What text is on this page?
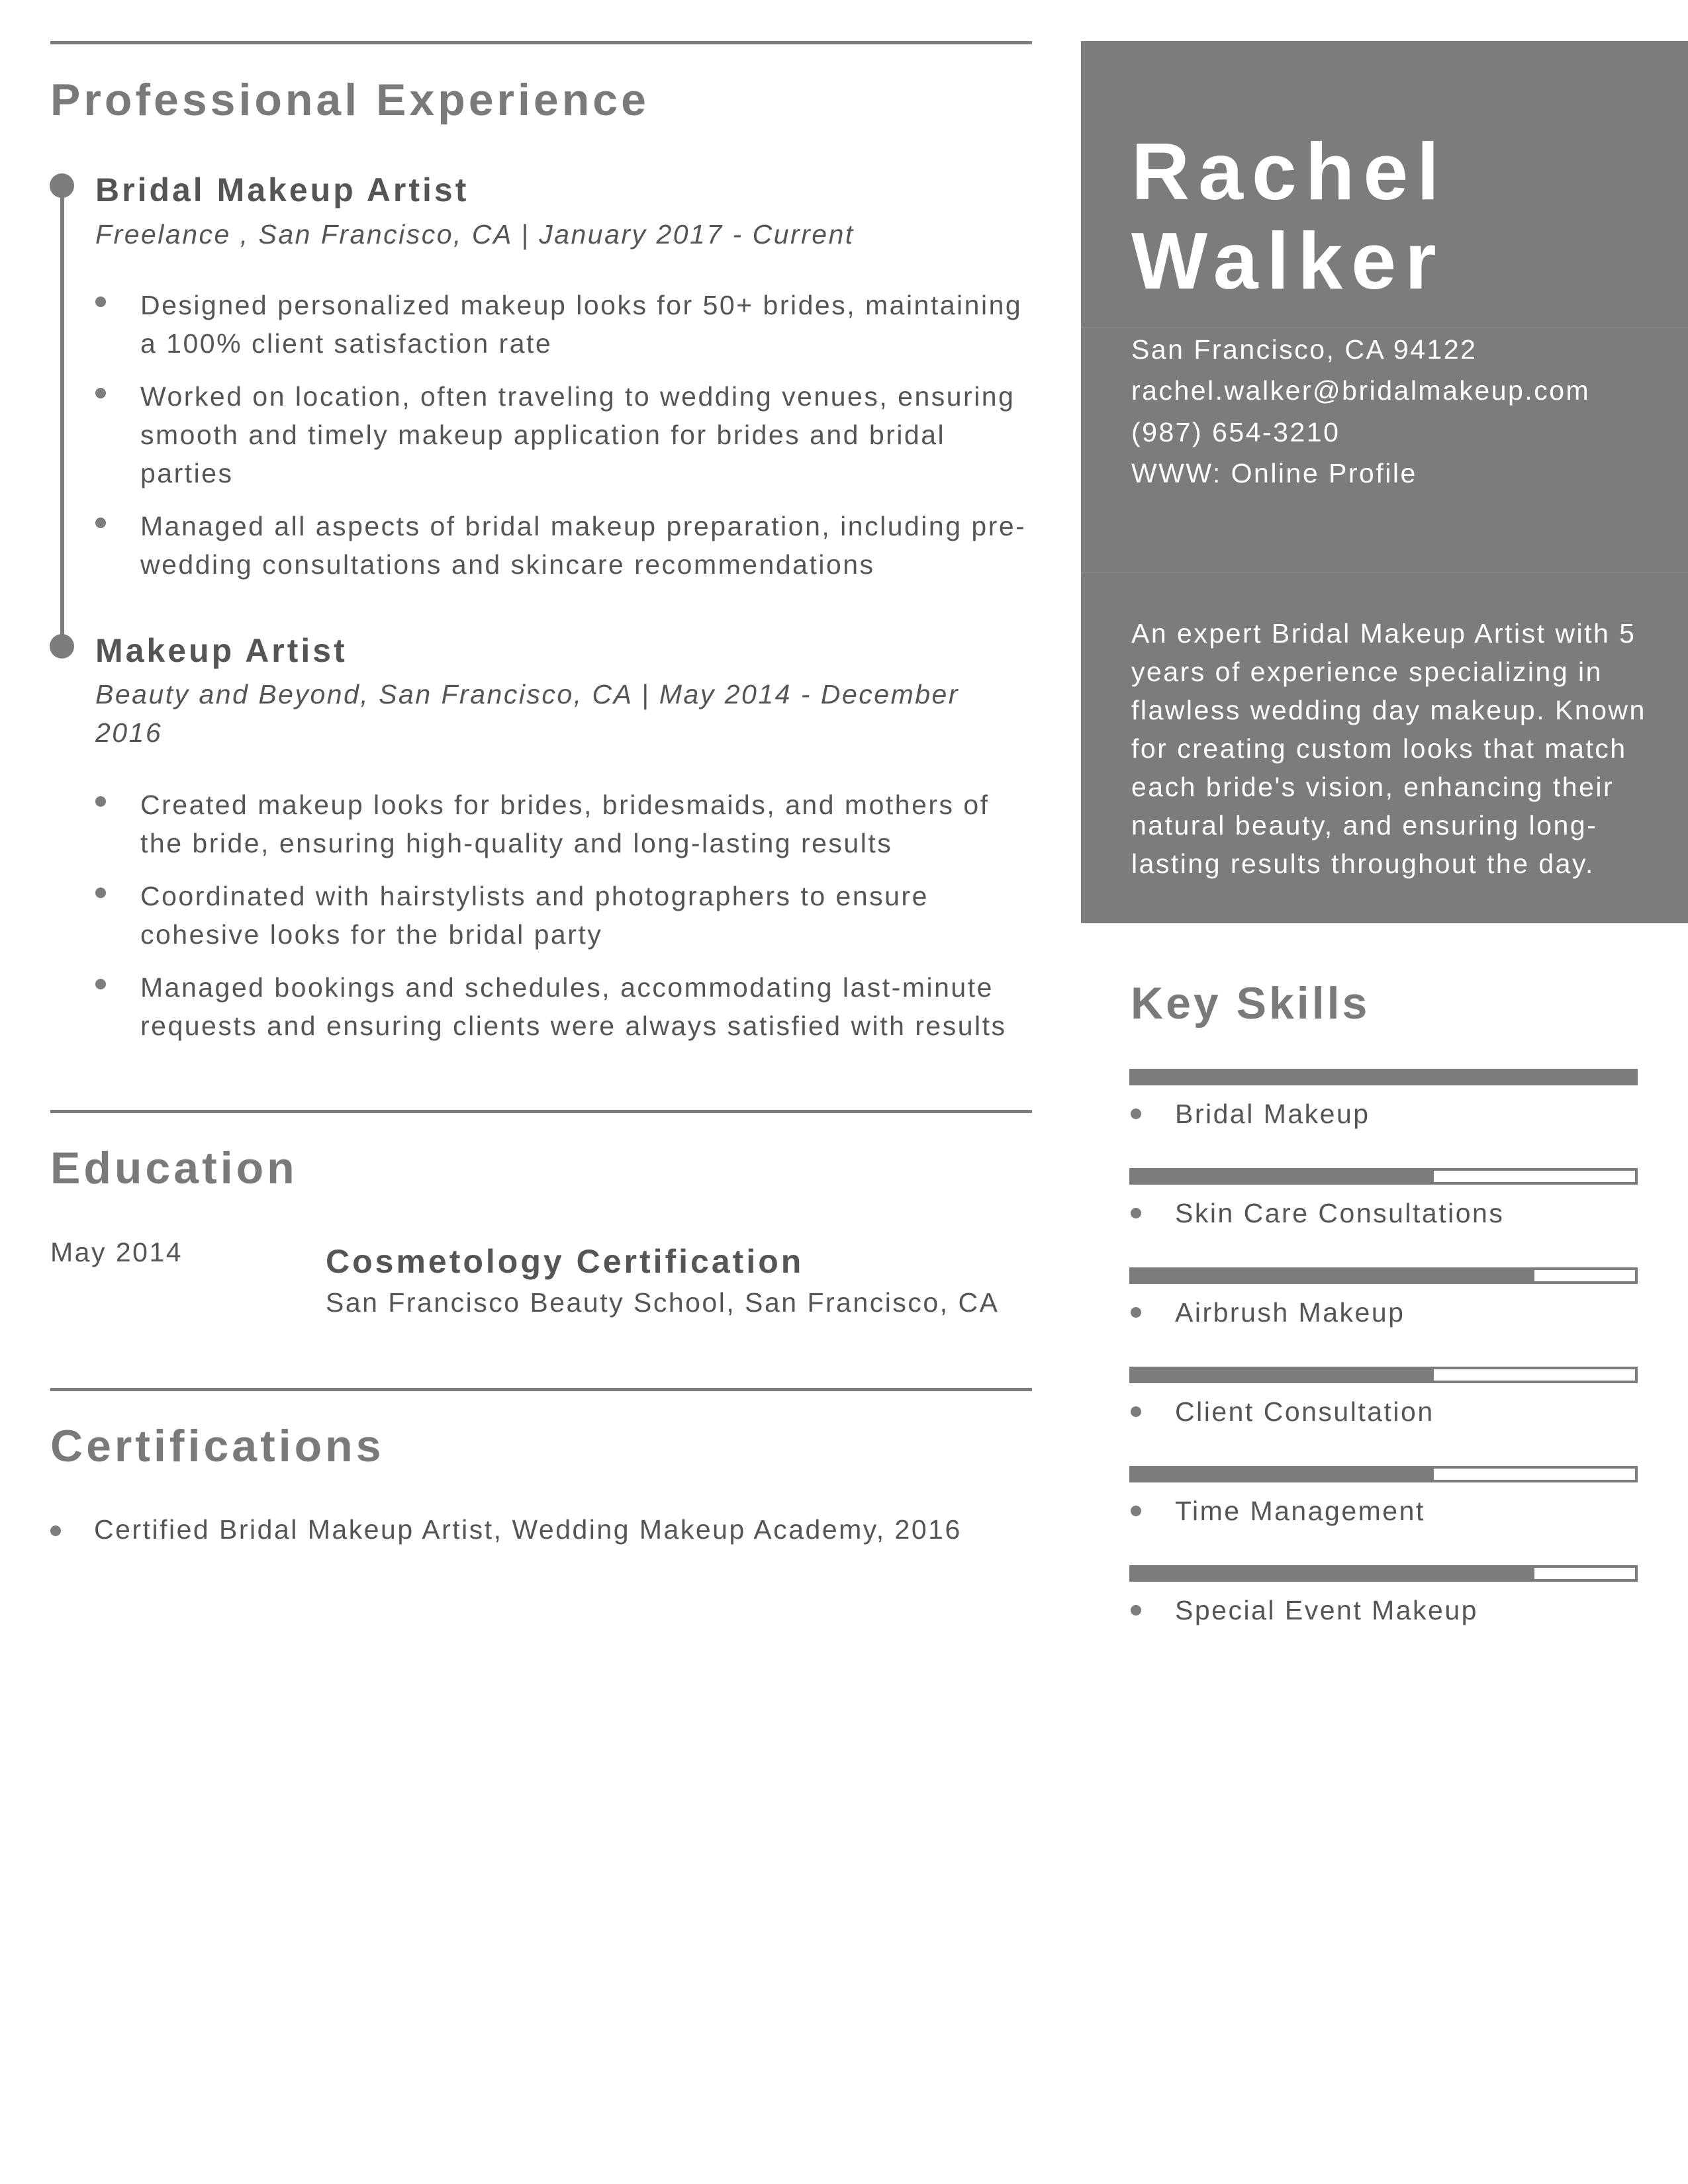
Professional Experience
Bridal Makeup Artist
Freelance , San Francisco, CA | January 2017 - Current
Designed personalized makeup looks for 50+ brides, maintaining a 100% client satisfaction rate
Worked on location, often traveling to wedding venues, ensuring smooth and timely makeup application for brides and bridal parties
Managed all aspects of bridal makeup preparation, including pre-wedding consultations and skincare recommendations
Makeup Artist
Beauty and Beyond, San Francisco, CA | May 2014 - December 2016
Created makeup looks for brides, bridesmaids, and mothers of the bride, ensuring high-quality and long-lasting results
Coordinated with hairstylists and photographers to ensure cohesive looks for the bridal party
Managed bookings and schedules, accommodating last-minute requests and ensuring clients were always satisfied with results
Education
May 2014	Cosmetology Certification
San Francisco Beauty School, San Francisco, CA
Certifications
Certified Bridal Makeup Artist, Wedding Makeup Academy, 2016
Rachel
Walker
San Francisco, CA 94122
rachel.walker@bridalmakeup.com
(987) 654-3210
WWW: Online Profile
An expert Bridal Makeup Artist with 5 years of experience specializing in flawless wedding day makeup. Known for creating custom looks that match each bride's vision, enhancing their natural beauty, and ensuring long-lasting results throughout the day.
Key Skills
Bridal Makeup
Skin Care Consultations
Airbrush Makeup
Client Consultation
Time Management
Special Event Makeup
